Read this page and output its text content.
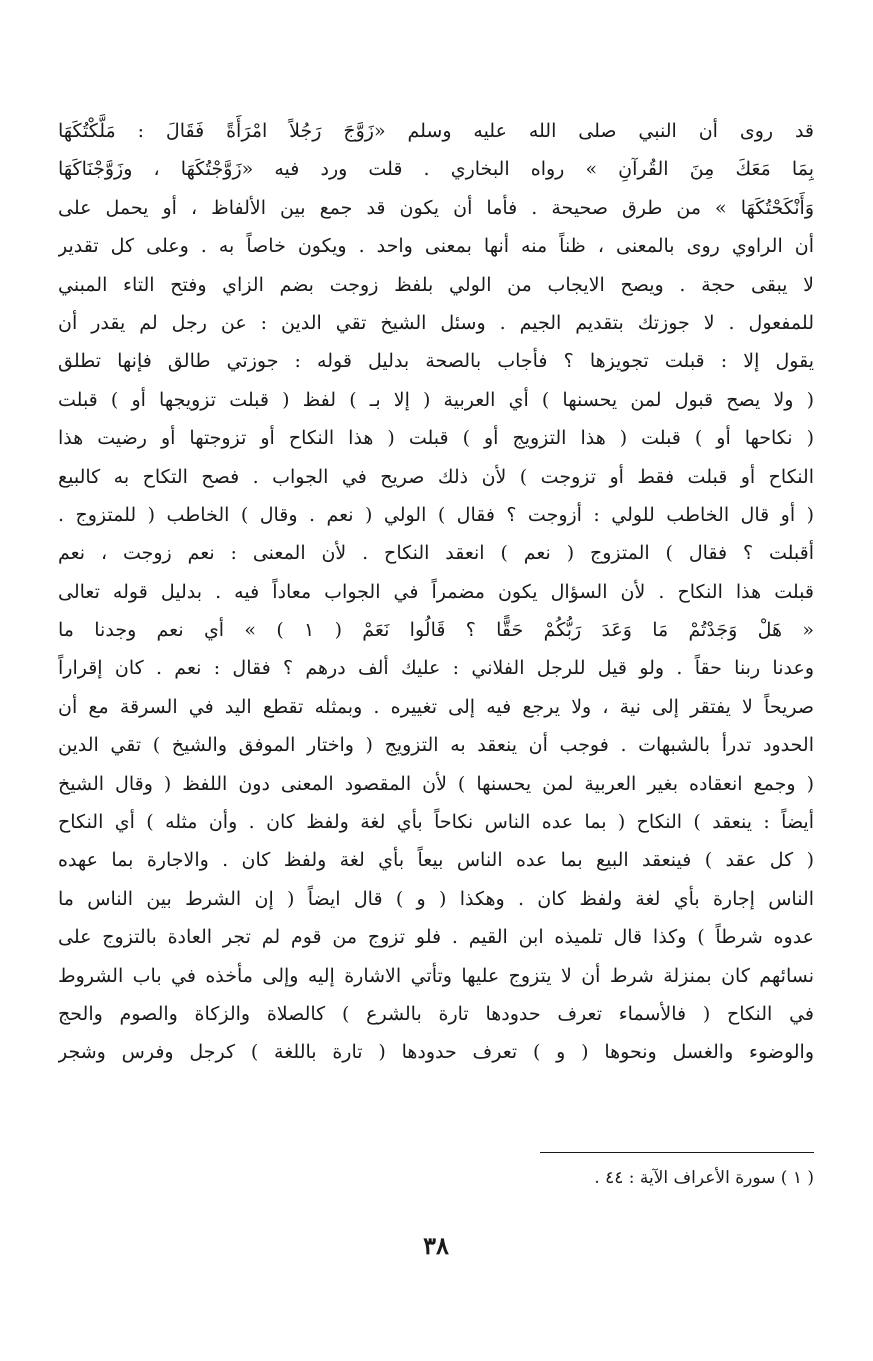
قد روى أن النبي صلى الله عليه وسلم «زَوَّجَ رَجُلاً امْرَأَةً فَقَالَ : مَلَّكْتُكَهَا
بِمَا مَعَكَ مِنَ القُرآنِ » رواه البخاري . قلت ورد فيه «زَوَّجْتُكَهَا ، وزَوَّجْنَاكَهَا
وَأَنْكَحْتُكَهَا » من طرق صحيحة . فأما أن يكون قد جمع بين الألفاظ ، أو يحمل على
أن الراوي روى بالمعنى ، ظناً منه أنها بمعنى واحد . ويكون خاصاً به . وعلى كل تقدير
لا يبقى حجة . ويصح الايجاب من الولي بلفظ زوجت بضم الزاي وفتح التاء المبني
للمفعول . لا جوزتك بتقديم الجيم . وسئل الشيخ تقي الدين : عن رجل لم يقدر أن
يقول إلا : قبلت تجويزها ؟ فأجاب بالصحة بدليل قوله : جوزتي طالق فإنها تطلق
( ولا يصح قبول لمن يحسنها ) أي العربية ( إلا بـ ) لفظ ( قبلت تزويجها أو ) قبلت
( نكاحها أو ) قبلت ( هذا التزويج أو ) قبلت ( هذا النكاح أو تزوجتها أو رضيت هذا
النكاح أو قبلت فقط أو تزوجت ) لأن ذلك صريح في الجواب . فصح التكاح به كالبيع
( أو قال الخاطب للولي : أزوجت ؟ فقال ) الولي ( نعم . وقال ) الخاطب ( للمتزوج .
أقبلت ؟ فقال ) المتزوج ( نعم ) انعقد النكاح . لأن المعنى : نعم زوجت ، نعم
قبلت هذا النكاح . لأن السؤال يكون مضمراً في الجواب معاداً فيه . بدليل قوله تعالى
« هَلْ وَجَدْتُمْ مَا وَعَدَ رَبُّكُمْ حَقًّا ؟ قَالُوا نَعَمْ ( ١ ) » أي نعم وجدنا ما
وعدنا ربنا حقاً . ولو قيل للرجل الفلاني : عليك ألف درهم ؟ فقال : نعم . كان إقراراً
صريحاً لا يفتقر إلى نية ، ولا يرجع فيه إلى تغييره . وبمثله تقطع اليد في السرقة مع أن
الحدود تدرأ بالشبهات . فوجب أن ينعقد به التزويج ( واختار الموفق والشيخ ) تقي الدين
( وجمع انعقاده بغير العربية لمن يحسنها ) لأن المقصود المعنى دون اللفظ ( وقال الشيخ
أيضاً : ينعقد ) النكاح ( بما عده الناس نكاحاً بأي لغة ولفظ كان . وأن مثله ) أي النكاح
( كل عقد ) فينعقد البيع بما عده الناس بيعاً بأي لغة ولفظ كان . والاجارة بما عهده
الناس إجارة بأي لغة ولفظ كان . وهكذا ( و ) قال ايضاً ( إن الشرط بين الناس ما
عدوه شرطاً ) وكذا قال تلميذه ابن القيم . فلو تزوج من قوم لم تجر العادة بالتزوج على
نسائهم كان بمنزلة شرط أن لا يتزوج عليها وتأتي الاشارة إليه وإلى مأخذه في باب الشروط
في النكاح ( فالأسماء تعرف حدودها تارة بالشرع ) كالصلاة والزكاة والصوم والحج
والوضوء والغسل ونحوها ( و ) تعرف حدودها ( تارة باللغة ) كرجل وفرس وشجر
( ١ ) سورة الأعراف الآية : ٤٤ .
٣٨
